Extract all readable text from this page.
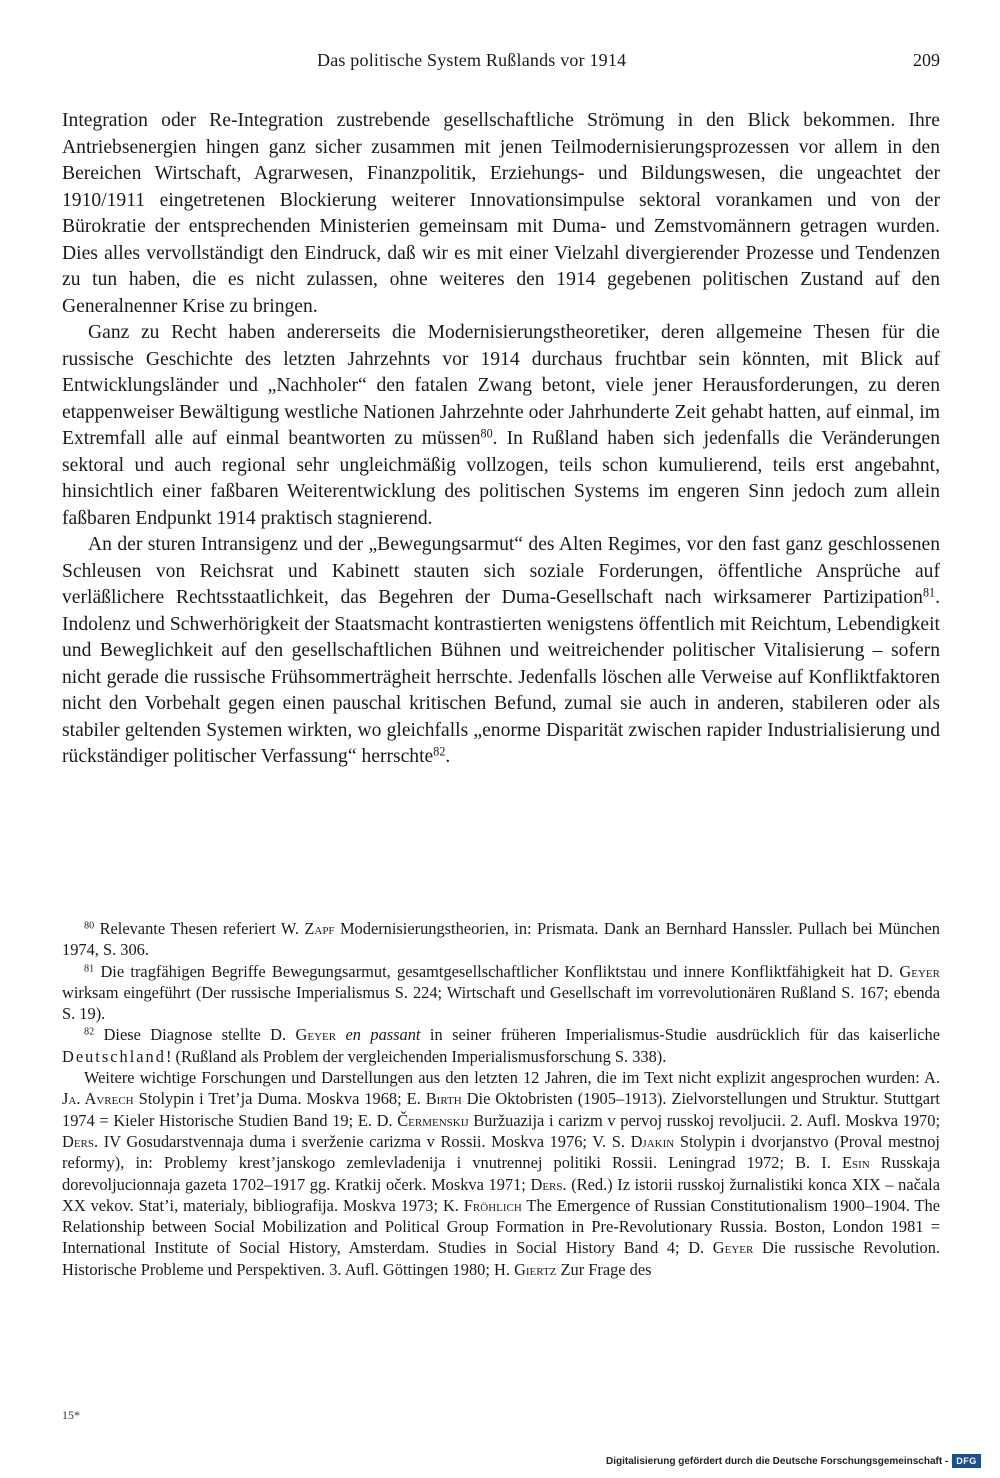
Das politische System Rußlands vor 1914	209

Integration oder Re-Integration zustrebende gesellschaftliche Strömung in den Blick bekommen. Ihre Antriebsenergien hingen ganz sicher zusammen mit jenen Teilmodernisierungsprozessen vor allem in den Bereichen Wirtschaft, Agrarwesen, Finanzpolitik, Erziehungs- und Bildungswesen, die ungeachtet der 1910/1911 eingetretenen Blockierung weiterer Innovationsimpulse sektoral vorankamen und von der Bürokratie der entsprechenden Ministerien gemeinsam mit Duma- und Zemstvomännern getragen wurden. Dies alles vervollständigt den Eindruck, daß wir es mit einer Vielzahl divergierender Prozesse und Tendenzen zu tun haben, die es nicht zulassen, ohne weiteres den 1914 gegebenen politischen Zustand auf den Generalnenner Krise zu bringen.

Ganz zu Recht haben andererseits die Modernisierungstheoretiker, deren allgemeine Thesen für die russische Geschichte des letzten Jahrzehnts vor 1914 durchaus fruchtbar sein könnten, mit Blick auf Entwicklungsländer und „Nachholer“ den fatalen Zwang betont, viele jener Herausforderungen, zu deren etappenweiser Bewältigung westliche Nationen Jahrzehnte oder Jahrhunderte Zeit gehabt hatten, auf einmal, im Extremfall alle auf einmal beantworten zu müssen$^{80}$. In Rußland haben sich jedenfalls die Veränderungen sektoral und auch regional sehr ungleichmäßig vollzogen, teils schon kumulierend, teils erst angebahnt, hinsichtlich einer faßbaren Weiterentwicklung des politischen Systems im engeren Sinn jedoch zum allein faßbaren Endpunkt 1914 praktisch stagnierend.

An der sturen Intransigenz und der „Bewegungsarmut“ des Alten Regimes, vor den fast ganz geschlossenen Schleusen von Reichsrat und Kabinett stauten sich soziale Forderungen, öffentliche Ansprüche auf verläßlichere Rechtsstaatlichkeit, das Begehren der Duma-Gesellschaft nach wirksamerer Partizipation$^{81}$. Indolenz und Schwerhörigkeit der Staatsmacht kontrastierten wenigstens öffentlich mit Reichtum, Lebendigkeit und Beweglichkeit auf den gesellschaftlichen Bühnen und weitreichender politischer Vitalisierung – sofern nicht gerade die russische Frühsommerträgheit herrschte. Jedenfalls löschen alle Verweise auf Konfliktfaktoren nicht den Vorbehalt gegen einen pauschal kritischen Befund, zumal sie auch in anderen, stabileren oder als stabiler geltenden Systemen wirkten, wo gleichfalls „enorme Disparität zwischen rapider Industrialisierung und rückständiger politischer Verfassung“ herrschte$^{82}$.

$^{80}$ Relevante Thesen referiert W. Zapf Modernisierungstheorien, in: Prismata. Dank an Bernhard Hanssler. Pullach bei München 1974, S. 306.

$^{81}$ Die tragfähigen Begriffe Bewegungsarmut, gesamtgesellschaftlicher Konfliktstau und innere Konfliktfähigkeit hat D. Geyer wirksam eingeführt (Der russische Imperialismus S. 224; Wirtschaft und Gesellschaft im vorrevolutionären Rußland S. 167; ebenda S. 19).

$^{82}$ Diese Diagnose stellte D. Geyer en passant in seiner früheren Imperialismus-Studie ausdrücklich für das kaiserliche Deutschland! (Rußland als Problem der vergleichenden Imperialismusforschung S. 338).

Weitere wichtige Forschungen und Darstellungen aus den letzten 12 Jahren, die im Text nicht explizit angesprochen wurden: A. Ja. Avrech Stolypin i Tret’ja Duma. Moskva 1968; E. Birth Die Oktobristen (1905–1913). Zielvorstellungen und Struktur. Stuttgart 1974 = Kieler Historische Studien Band 19; E. D. Čermenskij Buržuazija i carizm v pervoj russkoj revoljucii. 2. Aufl. Moskva 1970; Ders. IV Gosudarstvennaja duma i sverženie carizma v Rossii. Moskva 1976; V. S. Djakin Stolypin i dvorjanstvo (Proval mestnoj reformy), in: Problemy krest’janskogo zemlevladenija i vnutrennej politiki Rossii. Leningrad 1972; B. I. Esin Russkaja dorevoljucionnaja gazeta 1702–1917 gg. Kratkij očerk. Moskva 1971; Ders. (Red.) Iz istorii russkoj žurnalistiki konca XIX – načala XX vekov. Stat’i, materialy, bibliografija. Moskva 1973; K. Fröhlich The Emergence of Russian Constitutionalism 1900–1904. The Relationship between Social Mobilization and Political Group Formation in Pre-Revolutionary Russia. Boston, London 1981 = International Institute of Social History, Amsterdam. Studies in Social History Band 4; D. Geyer Die russische Revolution. Historische Probleme und Perspektiven. 3. Aufl. Göttingen 1980; H. Giertz Zur Frage des

15*
Digitalisierung gefördert durch die Deutsche Forschungsgemeinschaft - DFG
